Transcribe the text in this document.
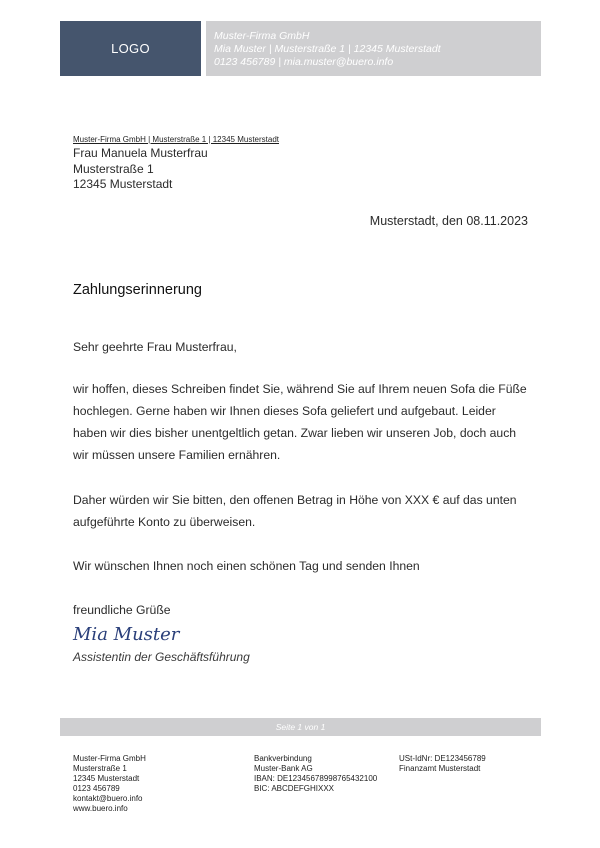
LOGO
Muster-Firma GmbH
Mia Muster | Musterstraße 1 | 12345 Musterstadt
0123 456789 | mia.muster@buero.info
Muster-Firma GmbH | Musterstraße 1 | 12345 Musterstadt
Frau Manuela Musterfrau
Musterstraße 1
12345 Musterstadt
Musterstadt, den 08.11.2023
Zahlungserinnerung
Sehr geehrte Frau Musterfrau,
wir hoffen, dieses Schreiben findet Sie, während Sie auf Ihrem neuen Sofa die Füße hochlegen. Gerne haben wir Ihnen dieses Sofa geliefert und aufgebaut. Leider haben wir dies bisher unentgeltlich getan. Zwar lieben wir unseren Job, doch auch wir müssen unsere Familien ernähren.
Daher würden wir Sie bitten, den offenen Betrag in Höhe von XXX € auf das unten aufgeführte Konto zu überweisen.
Wir wünschen Ihnen noch einen schönen Tag und senden Ihnen
freundliche Grüße
Mia Muster
Assistentin der Geschäftsführung
Seite 1 von 1
Muster-Firma GmbH
Musterstraße 1
12345 Musterstadt
0123 456789
kontakt@buero.info
www.buero.info
Bankverbindung
Muster-Bank AG
IBAN: DE12345678998765432100
BIC: ABCDEFGHIXXX
USt-IdNr: DE123456789
Finanzamt Musterstadt
